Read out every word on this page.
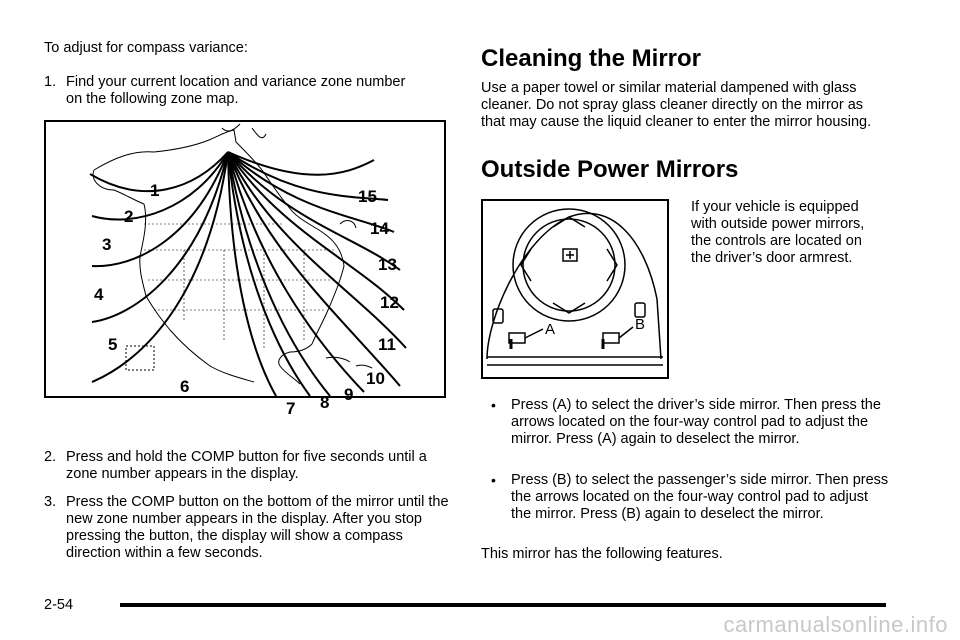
To adjust for compass variance:
1. Find your current location and variance zone number on the following zone map.
1
2
3
4
5
6
7 8 9
10
11
12
13
14
15
2. Press and hold the COMP button for five seconds until a zone number appears in the display.
3. Press the COMP button on the bottom of the mirror until the new zone number appears in the display. After you stop pressing the button, the display will show a compass direction within a few seconds.
Cleaning the Mirror
Use a paper towel or similar material dampened with glass cleaner. Do not spray glass cleaner directly on the mirror as that may cause the liquid cleaner to enter the mirror housing.
Outside Power Mirrors
A	B
If your vehicle is equipped with outside power mirrors, the controls are located on the driver’s door armrest.
•	Press (A) to select the driver’s side mirror. Then press the arrows located on the four-way control pad to adjust the mirror. Press (A) again to deselect the mirror.
•	Press (B) to select the passenger’s side mirror. Then press the arrows located on the four-way control pad to adjust the mirror. Press (B) again to deselect the mirror.
This mirror has the following features.
2-54
carmanualsonline.info
